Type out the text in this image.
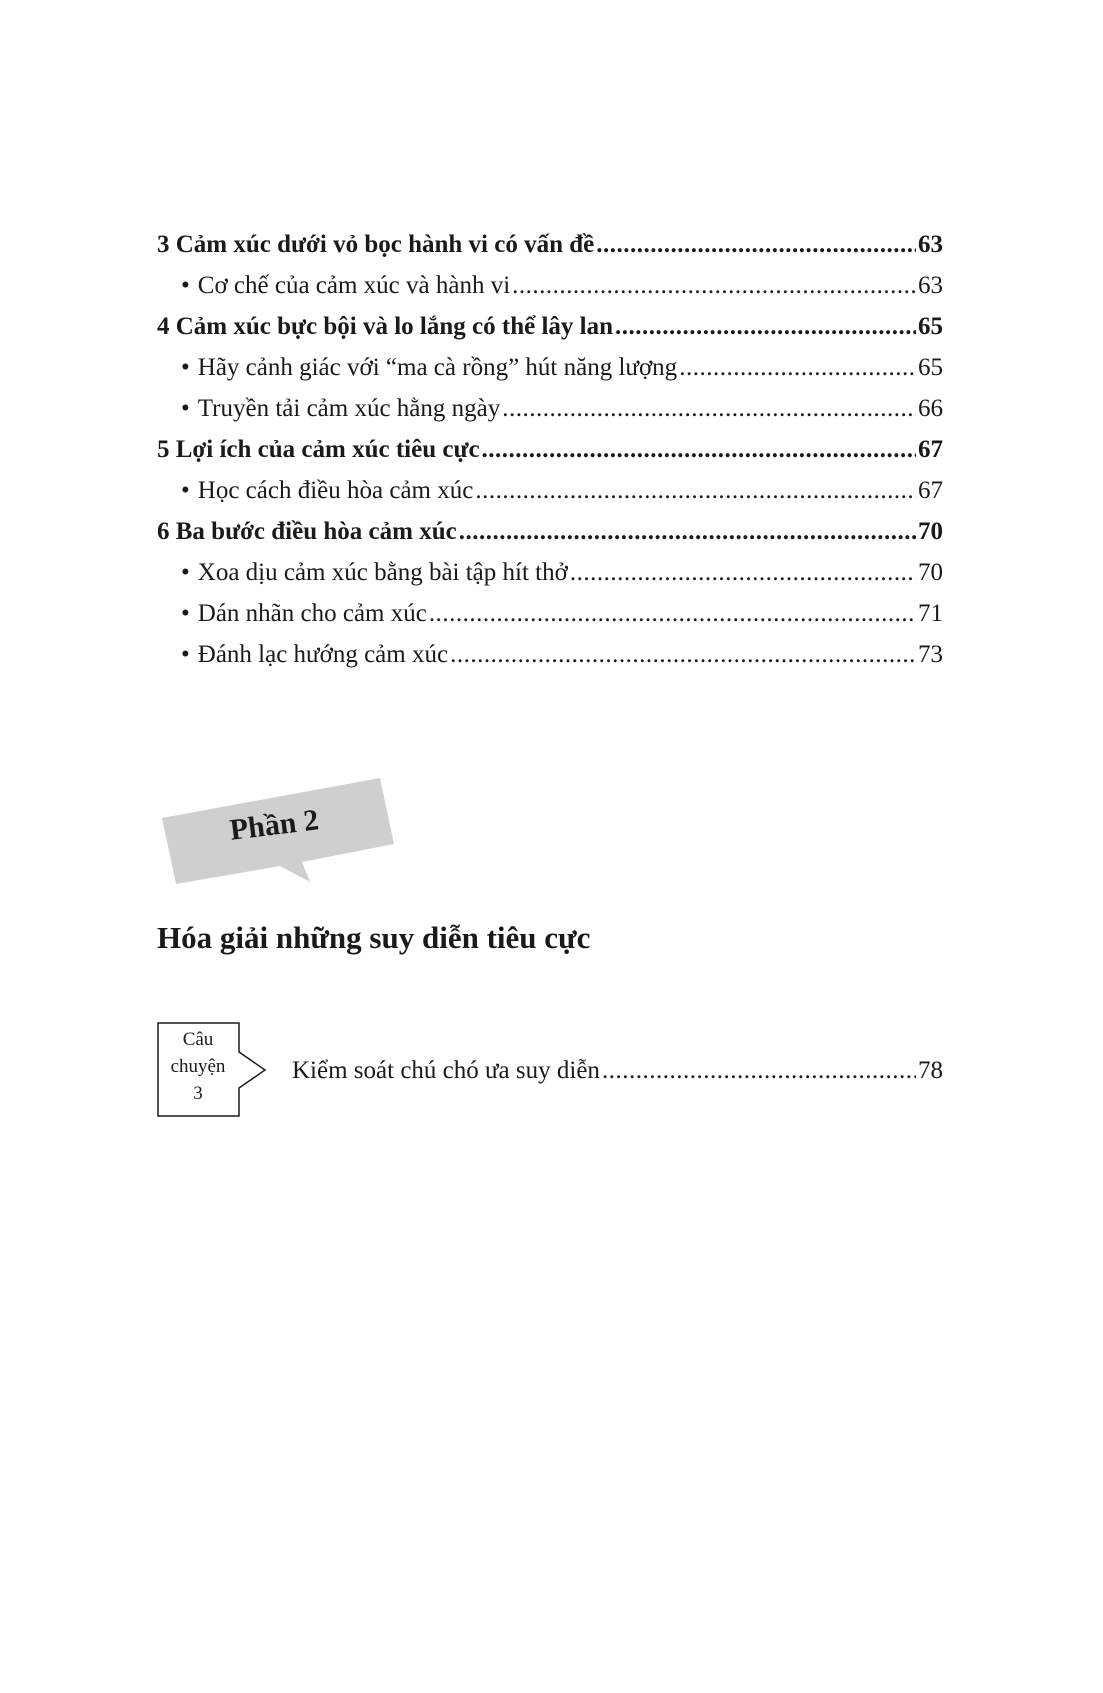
3 Cảm xúc dưới vỏ bọc hành vi có vấn đề .....	63
• Cơ chế của cảm xúc và hành vi .....	63
4 Cảm xúc bực bội và lo lắng có thể lây lan .....	65
• Hãy cảnh giác với “ma cà rồng” hút năng lượng .....	65
• Truyền tải cảm xúc hằng ngày .....	66
5 Lợi ích của cảm xúc tiêu cực .....	67
• Học cách điều hòa cảm xúc .....	67
6 Ba bước điều hòa cảm xúc .....	70
• Xoa dịu cảm xúc bằng bài tập hít thở .....	70
• Dán nhãn cho cảm xúc .....	71
• Đánh lạc hướng cảm xúc .....	73
Phần 2
Hóa giải những suy diễn tiêu cực
Câu
chuyện
3
Kiểm soát chú chó ưa suy diễn .....	78
